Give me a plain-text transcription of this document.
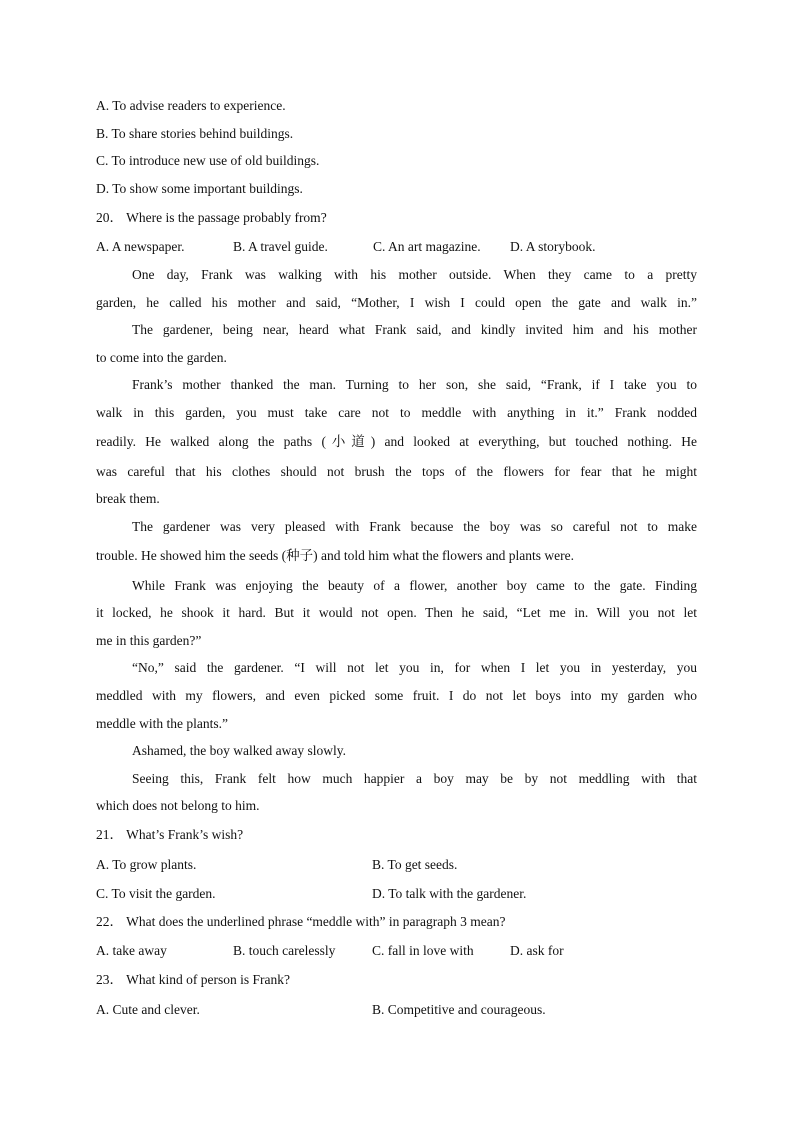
A. To advise readers to experience.
B. To share stories behind buildings.
C. To introduce new use of old buildings.
D. To show some important buildings.
20． Where is the passage probably from?
A. A newspaper.	B. A travel guide.	C. An art magazine. D. A storybook.
One day, Frank was walking with his mother outside. When they came to a pretty
garden, he called his mother and said, “Mother, I wish I could open the gate and walk in.”
The gardener, being near, heard what Frank said, and kindly invited him and his mother
to come into the garden.
Frank’s mother thanked the man. Turning to her son, she said, “Frank, if I take you to
walk in this garden, you must take care not to meddle with anything in it.” Frank nodded
readily. He walked along the paths (小道) and looked at everything, but touched nothing. He
was careful that his clothes should not brush the tops of the flowers for fear that he might
break them.
The gardener was very pleased with Frank because the boy was so careful not to make
trouble. He showed him the seeds (种子) and told him what the flowers and plants were.
While Frank was enjoying the beauty of a flower, another boy came to the gate. Finding
it locked, he shook it hard. But it would not open. Then he said, “Let me in. Will you not let
me in this garden?”
“No,” said the gardener. “I will not let you in, for when I let you in yesterday, you
meddled with my flowers, and even picked some fruit. I do not let boys into my garden who
meddle with the plants.”
Ashamed, the boy walked away slowly.
Seeing this, Frank felt how much happier a boy may be by not meddling with that
which does not belong to him.
21． What’s Frank’s wish?
A. To grow plants.	B. To get seeds.
C. To visit the garden.	D. To talk with the gardener.
22． What does the underlined phrase “meddle with” in paragraph 3 mean?
A. take away	B. touch carelessly	C. fall in love with	D. ask for
23． What kind of person is Frank?
A. Cute and clever.	B. Competitive and courageous.
